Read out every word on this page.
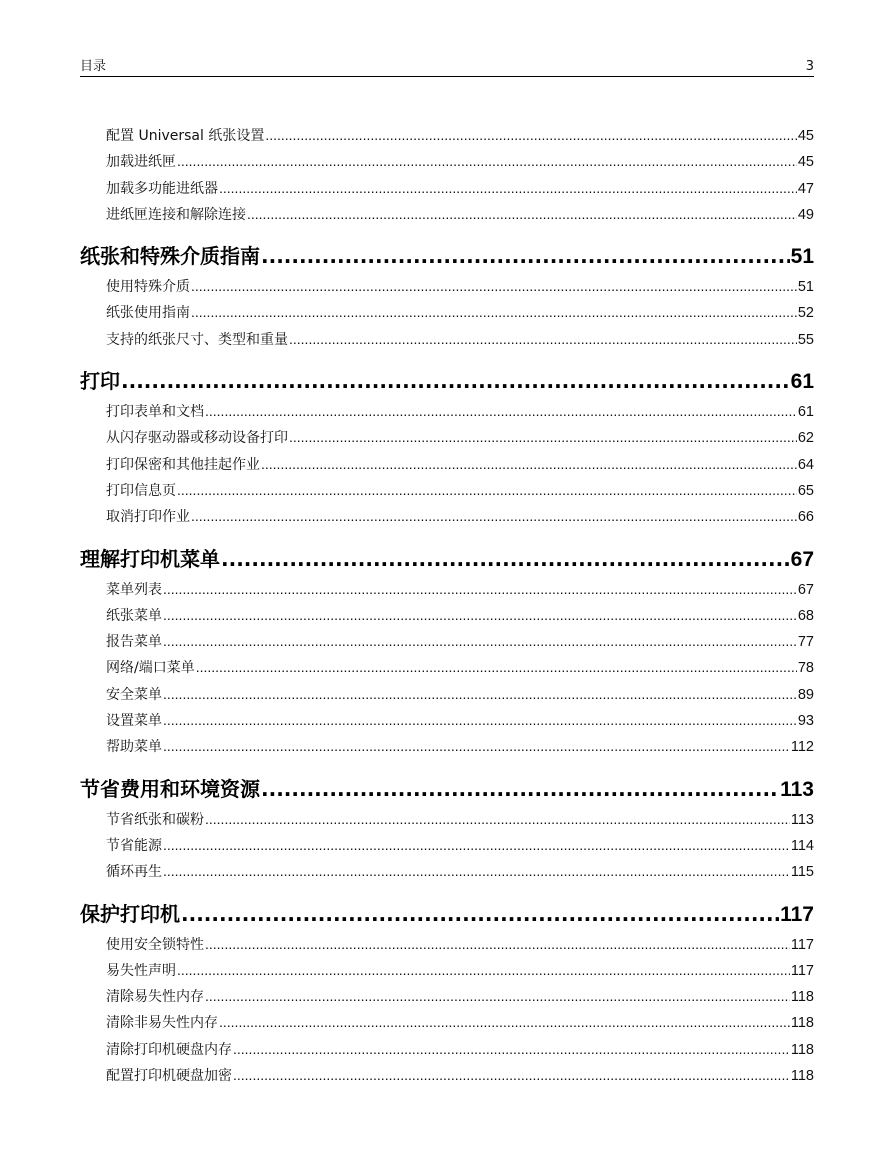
目录	3
配置 Universal 纸张设置 .....	45
加载进纸匣 .....	45
加载多功能进纸器 .....	47
进纸匣连接和解除连接 .....	49
纸张和特殊介质指南 .....	51
使用特殊介质 .....	51
纸张使用指南 .....	52
支持的纸张尺寸、类型和重量 .....	55
打印 .....	61
打印表单和文档 .....	61
从闪存驱动器或移动设备打印 .....	62
打印保密和其他挂起作业 .....	64
打印信息页 .....	65
取消打印作业 .....	66
理解打印机菜单 .....	67
菜单列表 .....	67
纸张菜单 .....	68
报告菜单 .....	77
网络/端口菜单 .....	78
安全菜单 .....	89
设置菜单 .....	93
帮助菜单 .....	112
节省费用和环境资源 .....	113
节省纸张和碳粉 .....	113
节省能源 .....	114
循环再生 .....	115
保护打印机 .....	117
使用安全锁特性 .....	117
易失性声明 .....	117
清除易失性内存 .....	118
清除非易失性内存 .....	118
清除打印机硬盘内存 .....	118
配置打印机硬盘加密 .....	118
